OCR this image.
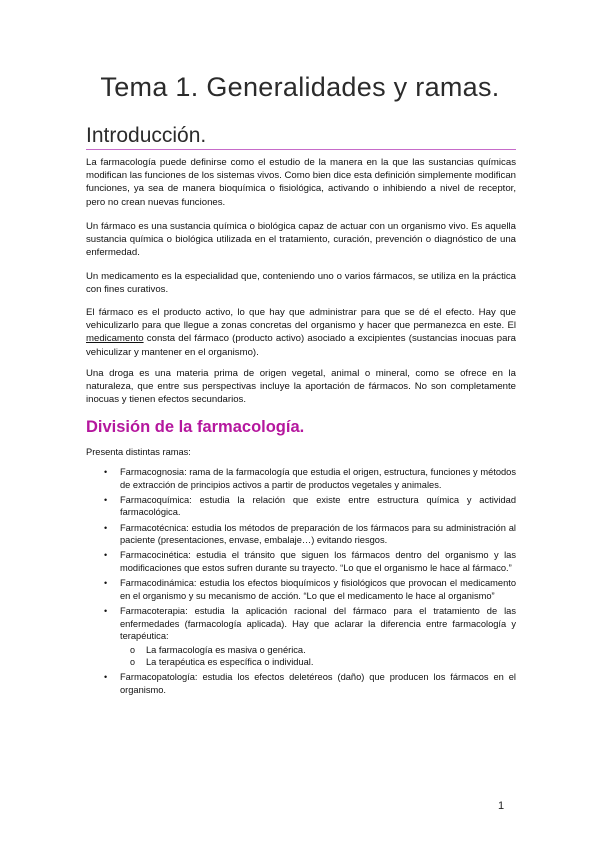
Tema 1. Generalidades y ramas.
Introducción.
La farmacología puede definirse como el estudio de la manera en la que las sustancias químicas modifican las funciones de los sistemas vivos. Como bien dice esta definición simplemente modifican funciones, ya sea de manera bioquímica o fisiológica, activando o inhibiendo a nivel de receptor, pero no crean nuevas funciones.
Un fármaco es una sustancia química o biológica capaz de actuar con un organismo vivo. Es aquella sustancia química o biológica utilizada en el tratamiento, curación, prevención o diagnóstico de una enfermedad.
Un medicamento es la especialidad que, conteniendo uno o varios fármacos, se utiliza en la práctica con fines curativos.
El fármaco es el producto activo, lo que hay que administrar para que se dé el efecto. Hay que vehiculizarlo para que llegue a zonas concretas del organismo y hacer que permanezca en este. El medicamento consta del fármaco (producto activo) asociado a excipientes (sustancias inocuas para vehiculizar y mantener en el organismo).
Una droga es una materia prima de origen vegetal, animal o mineral, como se ofrece en la naturaleza, que entre sus perspectivas incluye la aportación de fármacos. No son completamente inocuas y tienen efectos secundarios.
División de la farmacología.
Presenta distintas ramas:
• Farmacognosia: rama de la farmacología que estudia el origen, estructura, funciones y métodos de extracción de principios activos a partir de productos vegetales y animales.
• Farmacoquímica: estudia la relación que existe entre estructura química y actividad farmacológica.
• Farmacotécnica: estudia los métodos de preparación de los fármacos para su administración al paciente (presentaciones, envase, embalaje…) evitando riesgos.
• Farmacocinética: estudia el tránsito que siguen los fármacos dentro del organismo y las modificaciones que estos sufren durante su trayecto. “Lo que el organismo le hace al fármaco.”
• Farmacodinámica: estudia los efectos bioquímicos y fisiológicos que provocan el medicamento en el organismo y su mecanismo de acción. “Lo que el medicamento le hace al organismo”
• Farmacoterapia: estudia la aplicación racional del fármaco para el tratamiento de las enfermedades (farmacología aplicada). Hay que aclarar la diferencia entre farmacología y terapéutica:
o La farmacología es masiva o genérica.
o La terapéutica es específica o individual.
• Farmacopatología: estudia los efectos deletéreos (daño) que producen los fármacos en el organismo.
1
